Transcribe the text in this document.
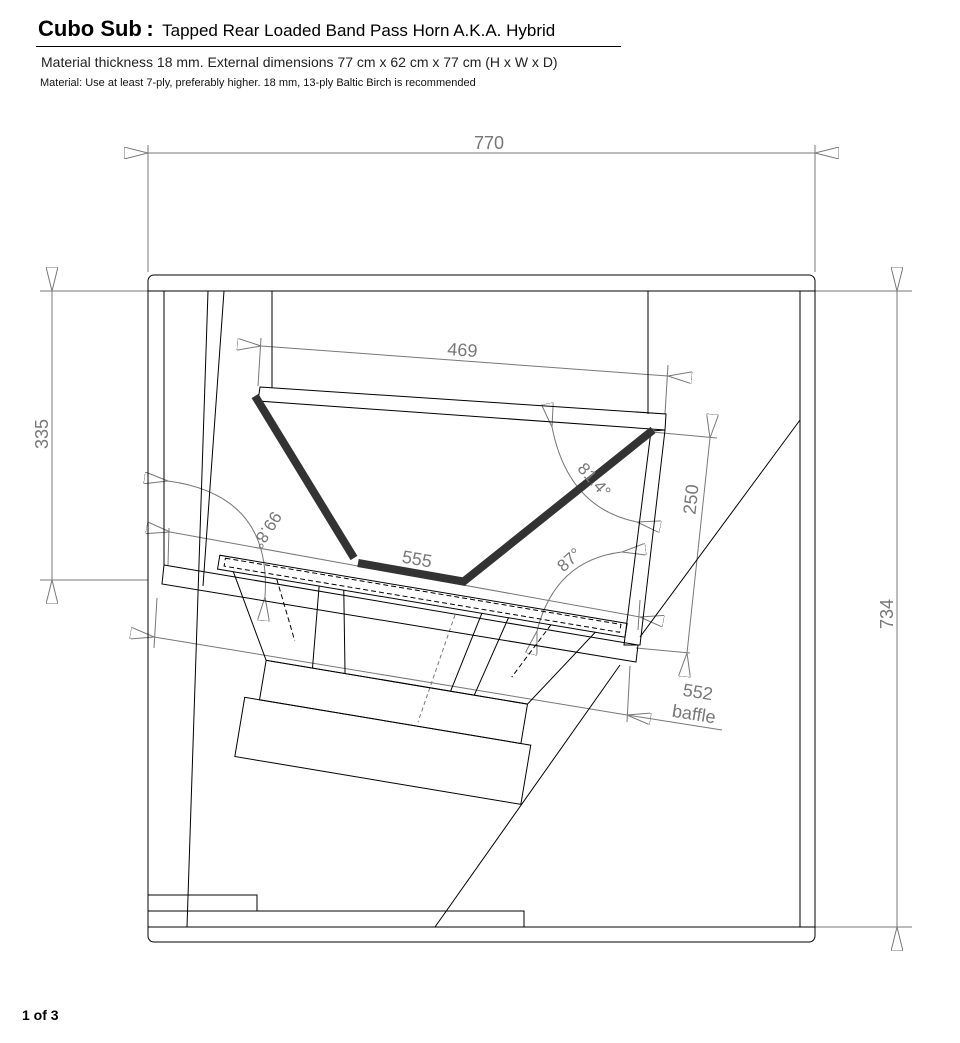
Cubo Sub : Tapped Rear Loaded Band Pass Horn A.K.A. Hybrid
Material thickness 18 mm. External dimensions 77 cm x 62 cm x 77 cm (H x W x D)
Material: Use at least 7-ply, preferably higher. 18 mm, 13-ply Baltic Birch is recommended
770
335
734
469
250
555
552
baffle
99.8°
81.4°
87°
1 of 3
